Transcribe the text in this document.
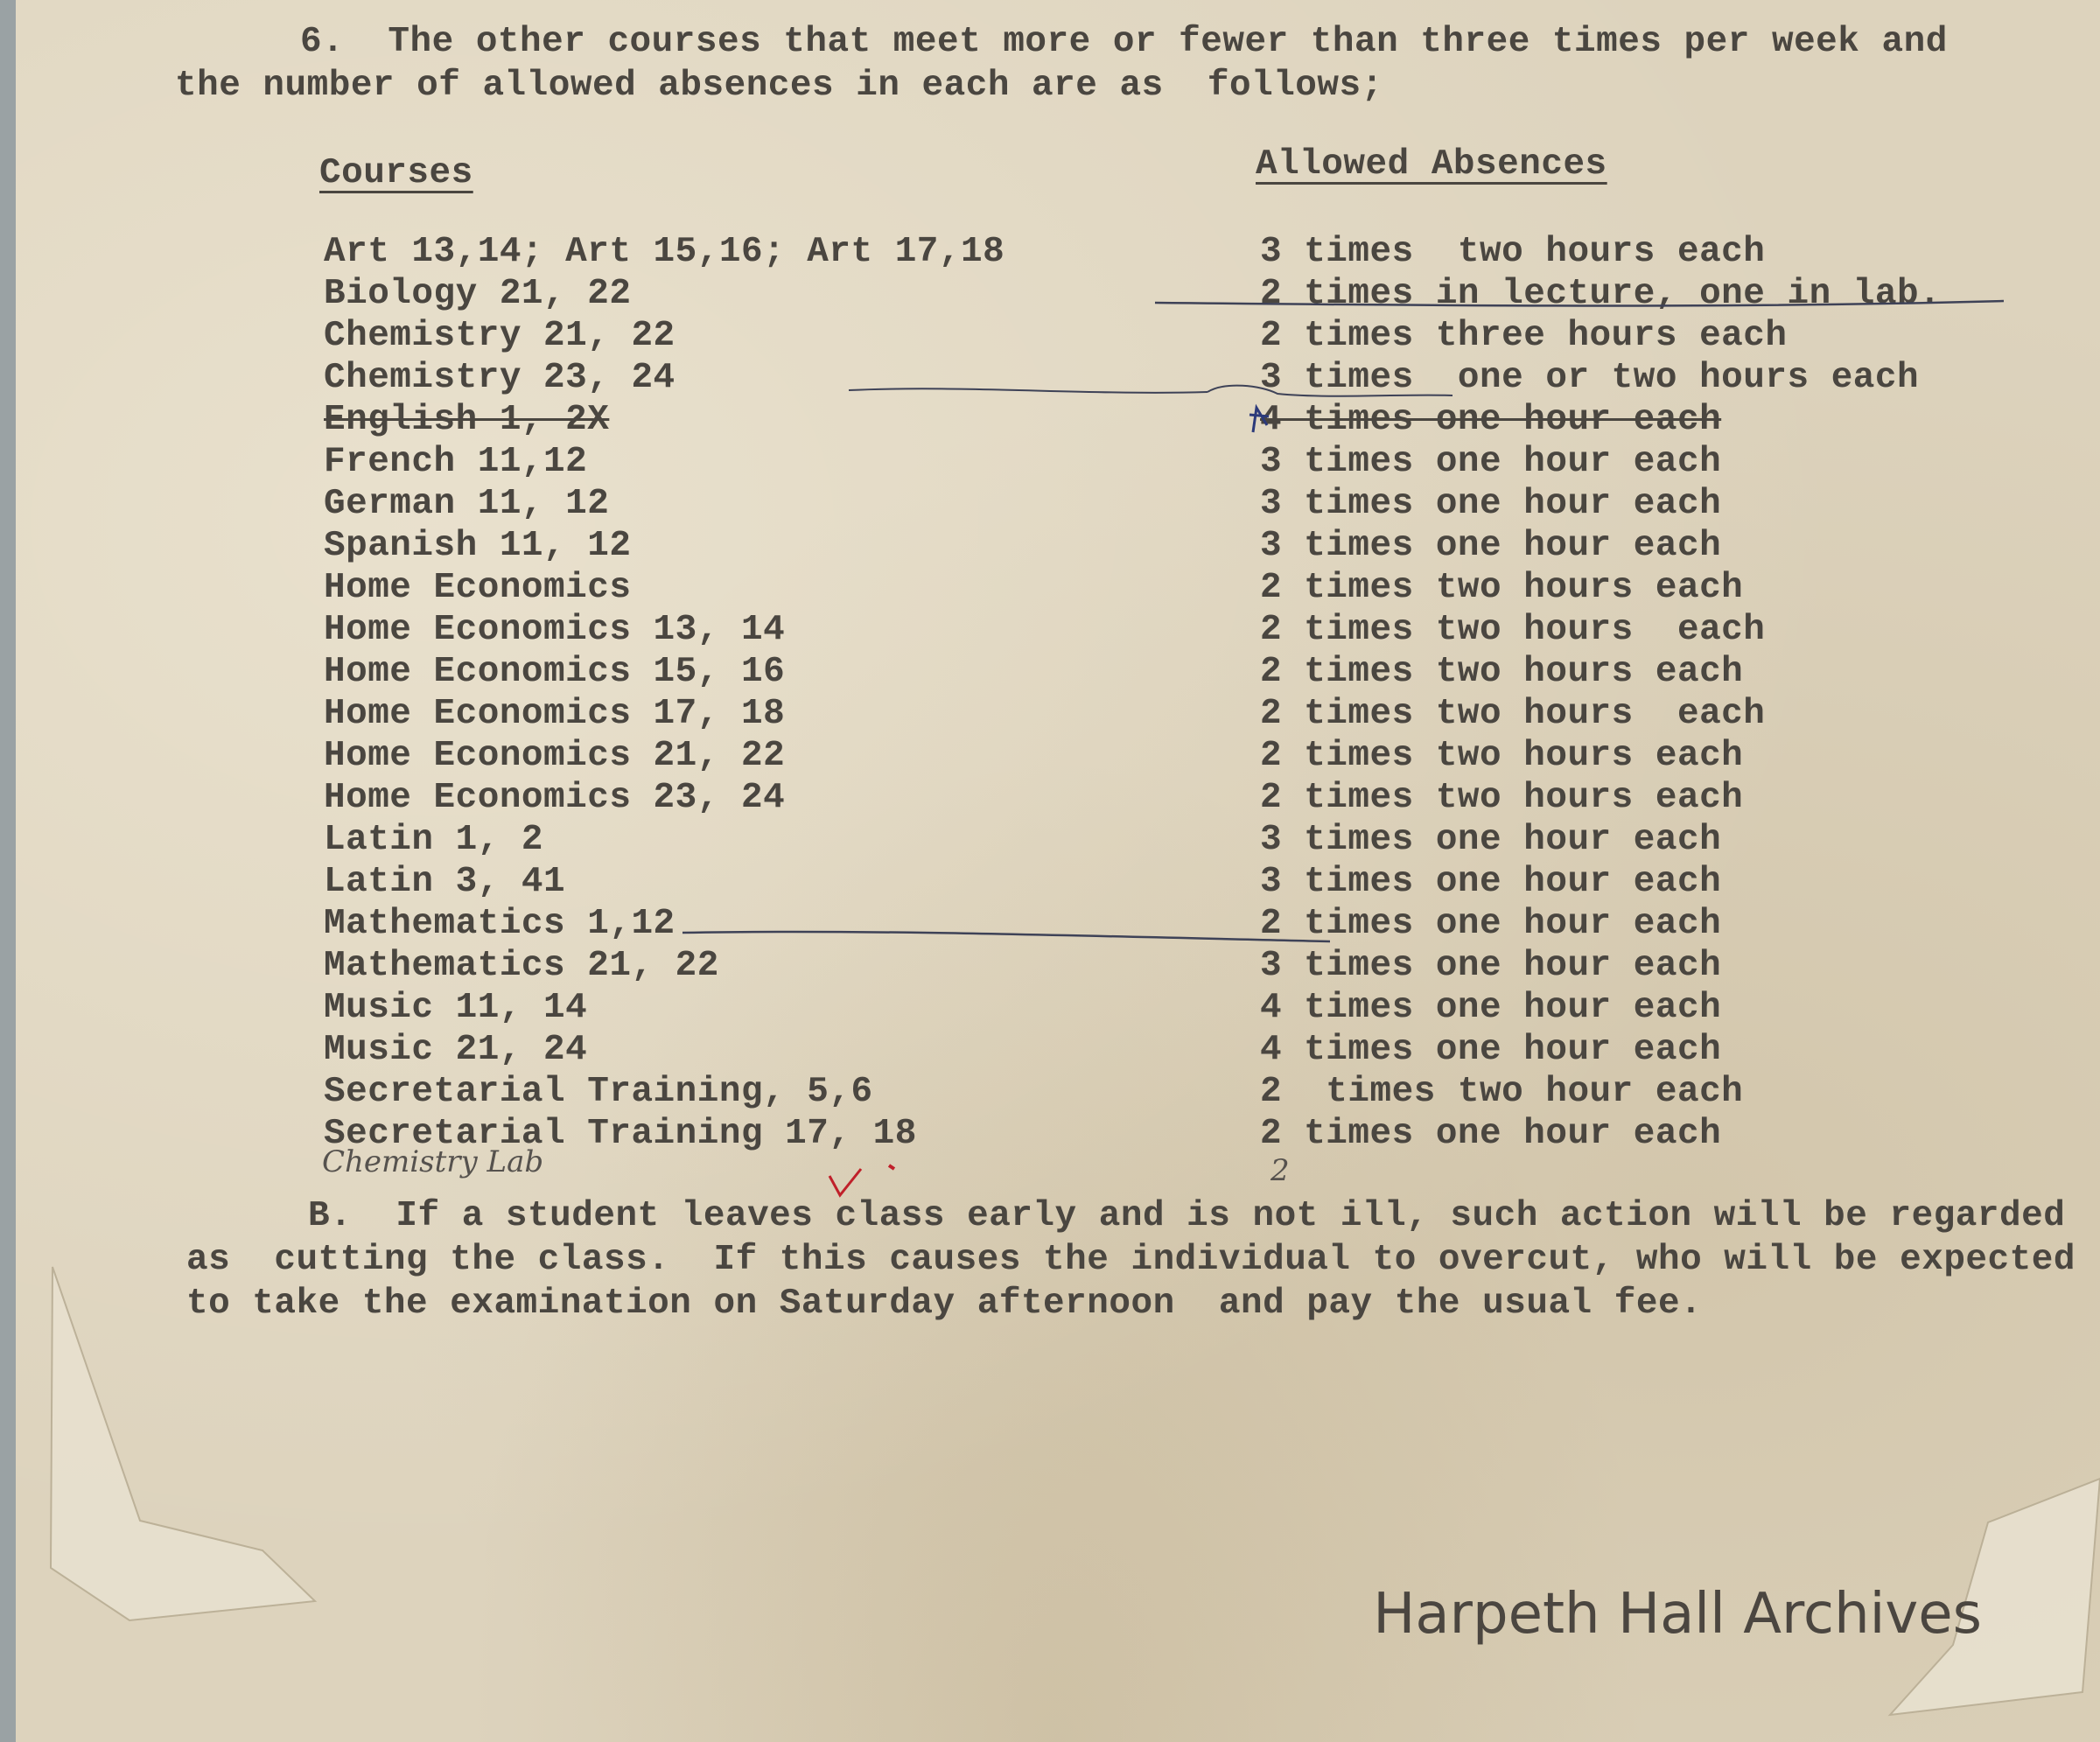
6.  The other courses that meet more or fewer than three times per week and
the number of allowed absences in each are as  follows;
Courses	Allowed Absences
Art 13,14; Art 15,16; Art 17,18	3 times  two hours each
Biology 21, 22	2 times in lecture, one in lab.
Chemistry 21, 22	2 times three hours each
Chemistry 23, 24	3 times  one or two hours each
English 1, 2X	4 times one hour each
French 11,12	3 times one hour each
German 11, 12	3 times one hour each
Spanish 11, 12	3 times one hour each
Home Economics	2 times two hours each
Home Economics 13, 14	2 times two hours  each
Home Economics 15, 16	2 times two hours each
Home Economics 17, 18	2 times two hours  each
Home Economics 21, 22	2 times two hours each
Home Economics 23, 24	2 times two hours each
Latin 1, 2	3 times one hour each
Latin 3, 41	3 times one hour each
Mathematics 1,12	2 times one hour each
Mathematics 21, 22	3 times one hour each
Music 11, 14	4 times one hour each
Music 21, 24	4 times one hour each
Secretarial Training, 5,6	2  times two hour each
Secretarial Training 17, 18	2 times one hour each
Chemistry Lab	2
B.  If a student leaves class early and is not ill, such action will be regarded
as  cutting the class.  If this causes the individual to overcut, who will be expected
to take the examination on Saturday afternoon  and pay the usual fee.
Harpeth Hall Archives
